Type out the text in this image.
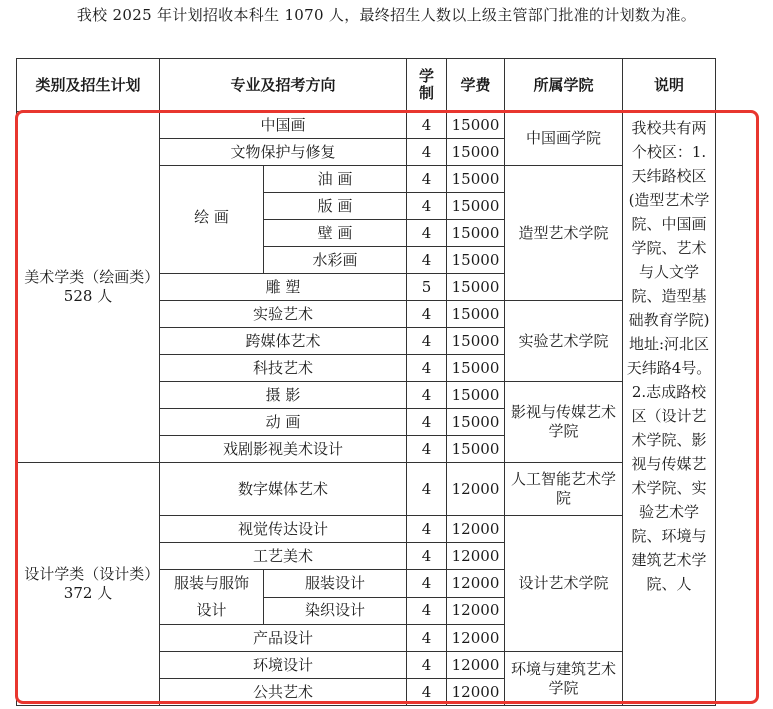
我校 2025 年计划招收本科生 1070 人，最终招生人数以上级主管部门批准的计划数为准。
类别及招生计划	专业及招考方向		学制	学费	所属学院	说明
美术学类（绘画类）528 人	中国画		4	15000	中国画学院	我校共有两个校区：1.天纬路校区(造型艺术学院、中国画学院、艺术与人文学院、造型基础教育学院)地址:河北区天纬路4号。2.志成路校区（设计艺术学院、影视与传媒艺术学院、实验艺术学院、环境与建筑艺术学院、人

	文物保护与修复		4	15000		
	绘 画	油 画	4	15000	造型艺术学院	
		版 画	4	15000		
		壁 画	4	15000		
		水彩画	4	15000		
	雕 塑		5	15000		
	实验艺术		4	15000	实验艺术学院	
	跨媒体艺术		4	15000		
	科技艺术		4	15000		
	摄 影		4	15000	影视与传媒艺术学院	
	动 画		4	15000		
	戏剧影视美术设计		4	15000		
设计学类（设计类）372 人	数字媒体艺术		4	12000	人工智能艺术学院	
	视觉传达设计		4	12000	设计艺术学院	
	工艺美术		4	12000		
	服装与服饰设计	服装设计	4	12000		
		染织设计	4	12000		
	产品设计		4	12000		
	环境设计		4	12000	环境与建筑艺术学院	
	公共艺术		4	12000		
